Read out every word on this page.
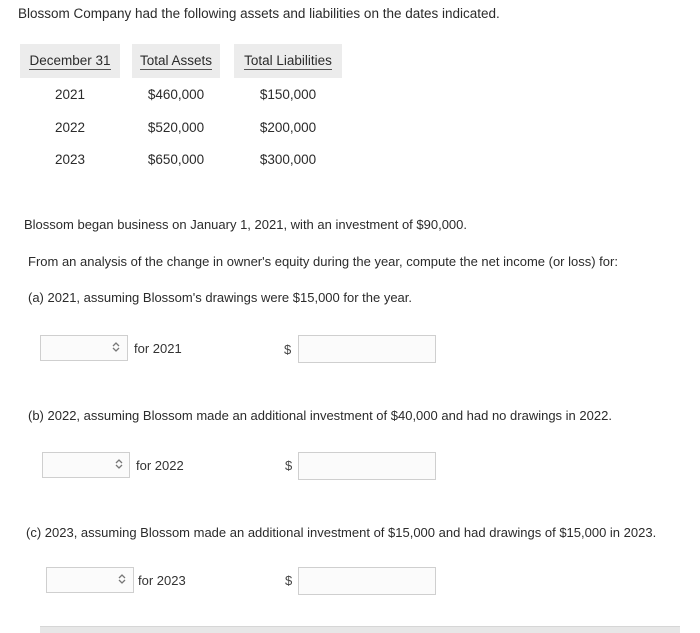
Blossom Company had the following assets and liabilities on the dates indicated.
December 31 Total Assets Total Liabilities
2021	$460,000	$150,000
2022	$520,000	$200,000
2023	$650,000	$300,000
Blossom began business on January 1, 2021, with an investment of $90,000.
From an analysis of the change in owner's equity during the year, compute the net income (or loss) for:
(a) 2021, assuming Blossom's drawings were $15,000 for the year.
for 2021	$
(b) 2022, assuming Blossom made an additional investment of $40,000 and had no drawings in 2022.
for 2022	$
(c) 2023, assuming Blossom made an additional investment of $15,000 and had drawings of $15,000 in 2023.
for 2023	$
